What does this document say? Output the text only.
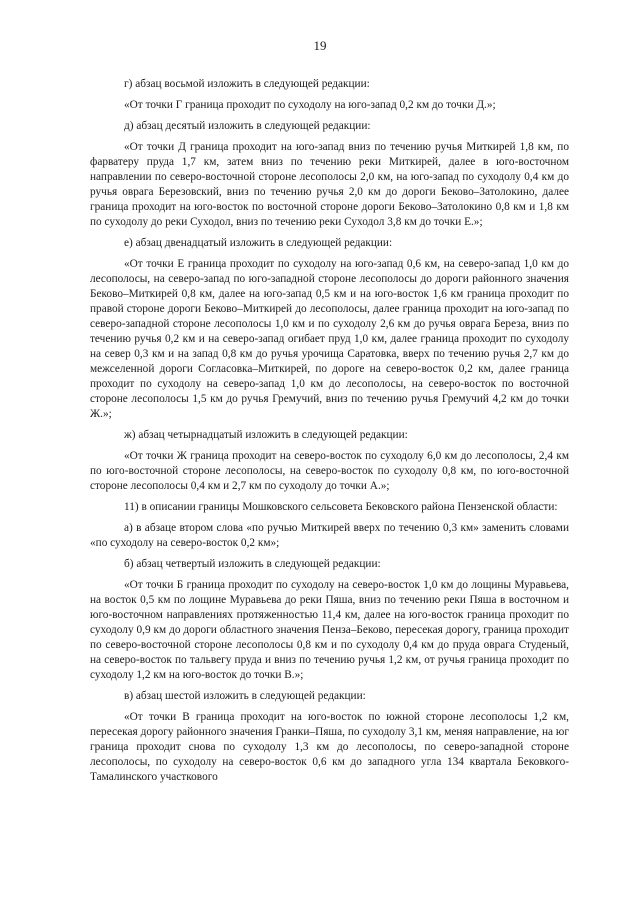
19

г) абзац восьмой изложить в следующей редакции:

«От точки Г граница проходит по суходолу на юго-запад 0,2 км до точки Д.»;

д) абзац десятый изложить в следующей редакции:

«От точки Д граница проходит на юго-запад вниз по течению ручья Миткирей 1,8 км, по фарватеру пруда 1,7 км, затем вниз по течению реки Миткирей, далее в юго-восточном направлении по северо-восточной стороне лесополосы 2,0 км, на юго-запад по суходолу 0,4 км до ручья оврага Березовский, вниз по течению ручья 2,0 км до дороги Беково–Затолокино, далее граница проходит на юго-восток по восточной стороне дороги Беково–Затолокино 0,8 км и 1,8 км по суходолу до реки Суходол, вниз по течению реки Суходол 3,8 км до точки Е.»;

е) абзац двенадцатый изложить в следующей редакции:

«От точки Е граница проходит по суходолу на юго-запад 0,6 км, на северо-запад 1,0 км до лесополосы, на северо-запад по юго-западной стороне лесополосы до дороги районного значения Беково–Миткирей 0,8 км, далее на юго-запад 0,5 км и на юго-восток 1,6 км граница проходит по правой стороне дороги Беково–Миткирей до лесополосы, далее граница проходит на юго-запад по северо-западной стороне лесополосы 1,0 км и по суходолу 2,6 км до ручья оврага Береза, вниз по течению ручья 0,2 км и на северо-запад огибает пруд 1,0 км, далее граница проходит по суходолу на север 0,3 км и на запад 0,8 км до ручья урочища Саратовка, вверх по течению ручья 2,7 км до межселенной дороги Согласовка–Миткирей, по дороге на северо-восток 0,2 км, далее граница проходит по суходолу на северо-запад 1,0 км до лесополосы, на северо-восток по восточной стороне лесополосы 1,5 км до ручья Гремучий, вниз по течению ручья Гремучий 4,2 км до точки Ж.»;

ж) абзац четырнадцатый изложить в следующей редакции:

«От точки Ж граница проходит на северо-восток по суходолу 6,0 км до лесополосы, 2,4 км по юго-восточной стороне лесополосы, на северо-восток по суходолу 0,8 км, по юго-восточной стороне лесополосы 0,4 км и 2,7 км по суходолу до точки А.»;

11) в описании границы Мошковского сельсовета Бековского района Пензенской области:

а) в абзаце втором слова «по ручью Миткирей вверх по течению 0,3 км» заменить словами «по суходолу на северо-восток 0,2 км»;

б) абзац четвертый изложить в следующей редакции:

«От точки Б граница проходит по суходолу на северо-восток 1,0 км до лощины Муравьева, на восток 0,5 км по лощине Муравьева до реки Пяша, вниз по течению реки Пяша в восточном и юго-восточном направлениях протяженностью 11,4 км, далее на юго-восток граница проходит по суходолу 0,9 км до дороги областного значения Пенза–Беково, пересекая дорогу, граница проходит по северо-восточной стороне лесополосы 0,8 км и по суходолу 0,4 км до пруда оврага Студеный, на северо-восток по тальвегу пруда и вниз по течению ручья 1,2 км, от ручья граница проходит по суходолу 1,2 км на юго-восток до точки В.»;

в) абзац шестой изложить в следующей редакции:

«От точки В граница проходит на юго-восток по южной стороне лесополосы 1,2 км, пересекая дорогу районного значения Гранки–Пяша, по суходолу 3,1 км, меняя направление, на юг граница проходит снова по суходолу 1,3 км до лесополосы, по северо-западной стороне лесополосы, по суходолу на северо-восток 0,6 км до западного угла 134 квартала Бековкого-Тамалинского участкового
